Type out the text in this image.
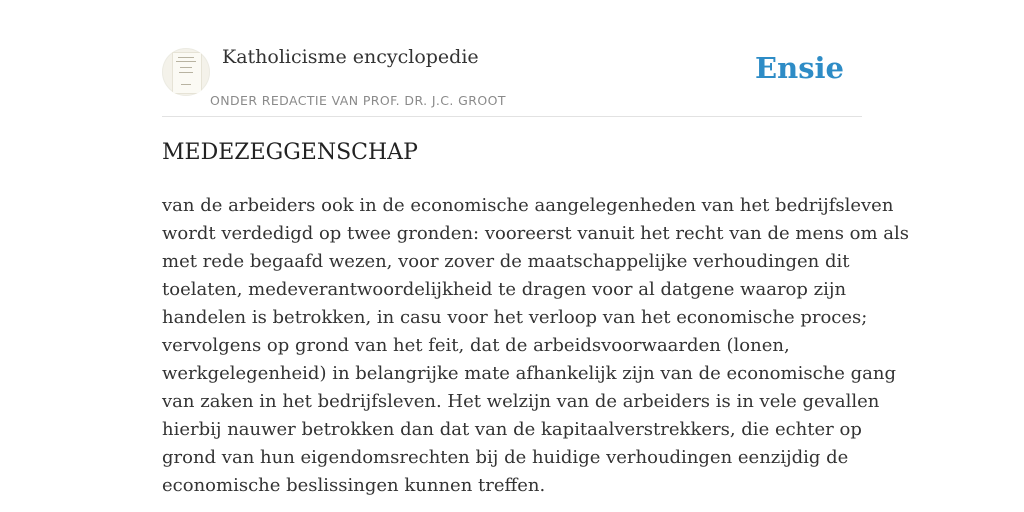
Katholicisme encyclopedie
ONDER REDACTIE VAN PROF. DR. J.C. GROOT
Ensie
MEDEZEGGENSCHAP
van de arbeiders ook in de economische aangelegenheden van het bedrijfsleven
wordt verdedigd op twee gronden: vooreerst vanuit het recht van de mens om als
met rede begaafd wezen, voor zover de maatschappelijke verhoudingen dit
toelaten, medeverantwoordelijkheid te dragen voor al datgene waarop zijn
handelen is betrokken, in casu voor het verloop van het economische proces;
vervolgens op grond van het feit, dat de arbeidsvoorwaarden (lonen,
werkgelegenheid) in belangrijke mate afhankelijk zijn van de economische gang
van zaken in het bedrijfsleven. Het welzijn van de arbeiders is in vele gevallen
hierbij nauwer betrokken dan dat van de kapitaalverstrekkers, die echter op
grond van hun eigendomsrechten bij de huidige verhoudingen eenzijdig de
economische beslissingen kunnen treffen.
